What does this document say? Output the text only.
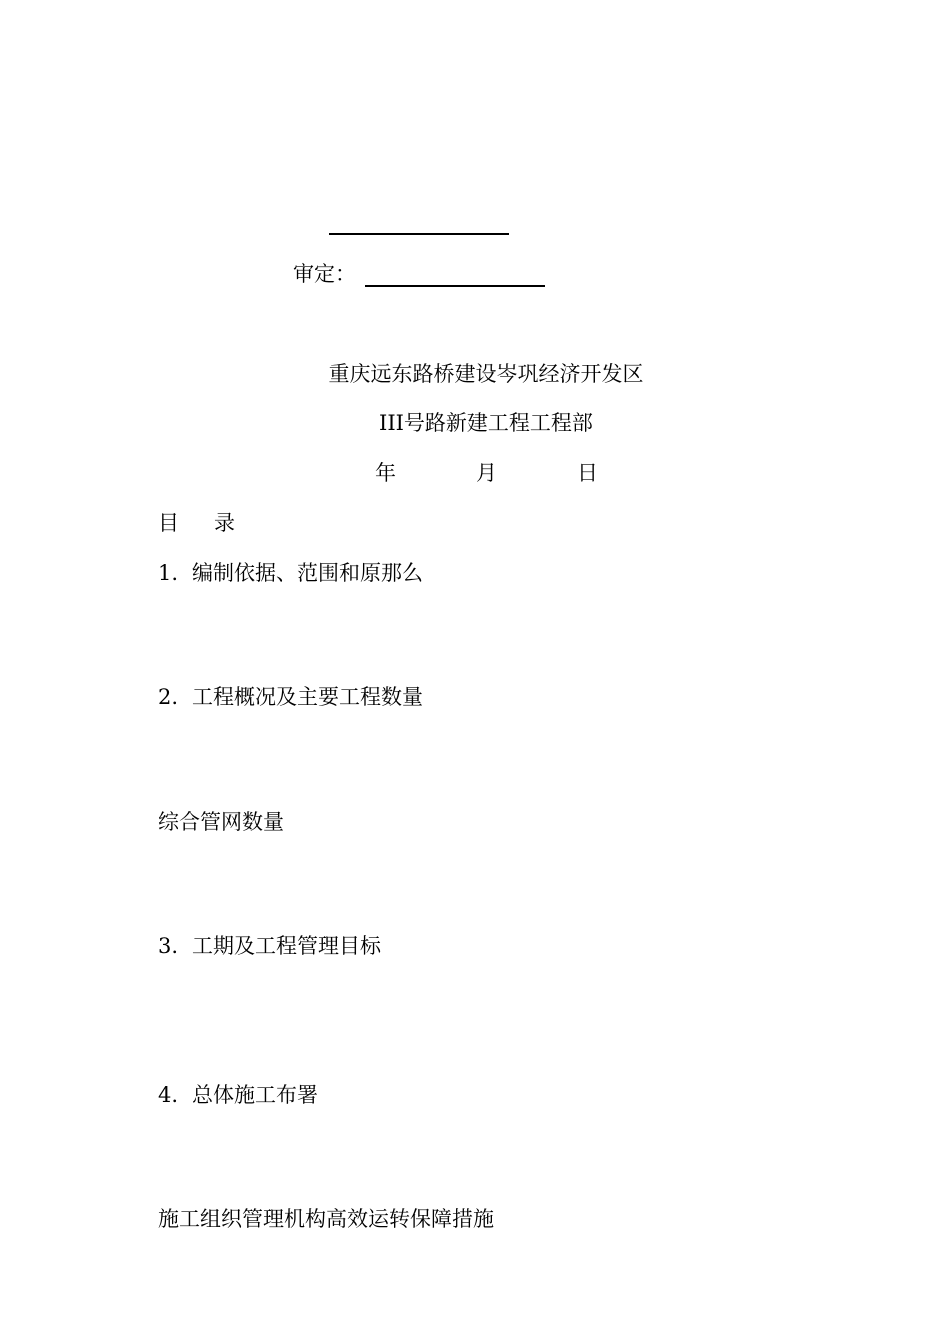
审定：
重庆远东路桥建设岑巩经济开发区
III号路新建工程工程部
年	月	日
目 录
1. 编制依据、范围和原那么
2. 工程概况及主要工程数量
综合管网数量
3. 工期及工程管理目标
4. 总体施工布署
施工组织管理机构高效运转保障措施
